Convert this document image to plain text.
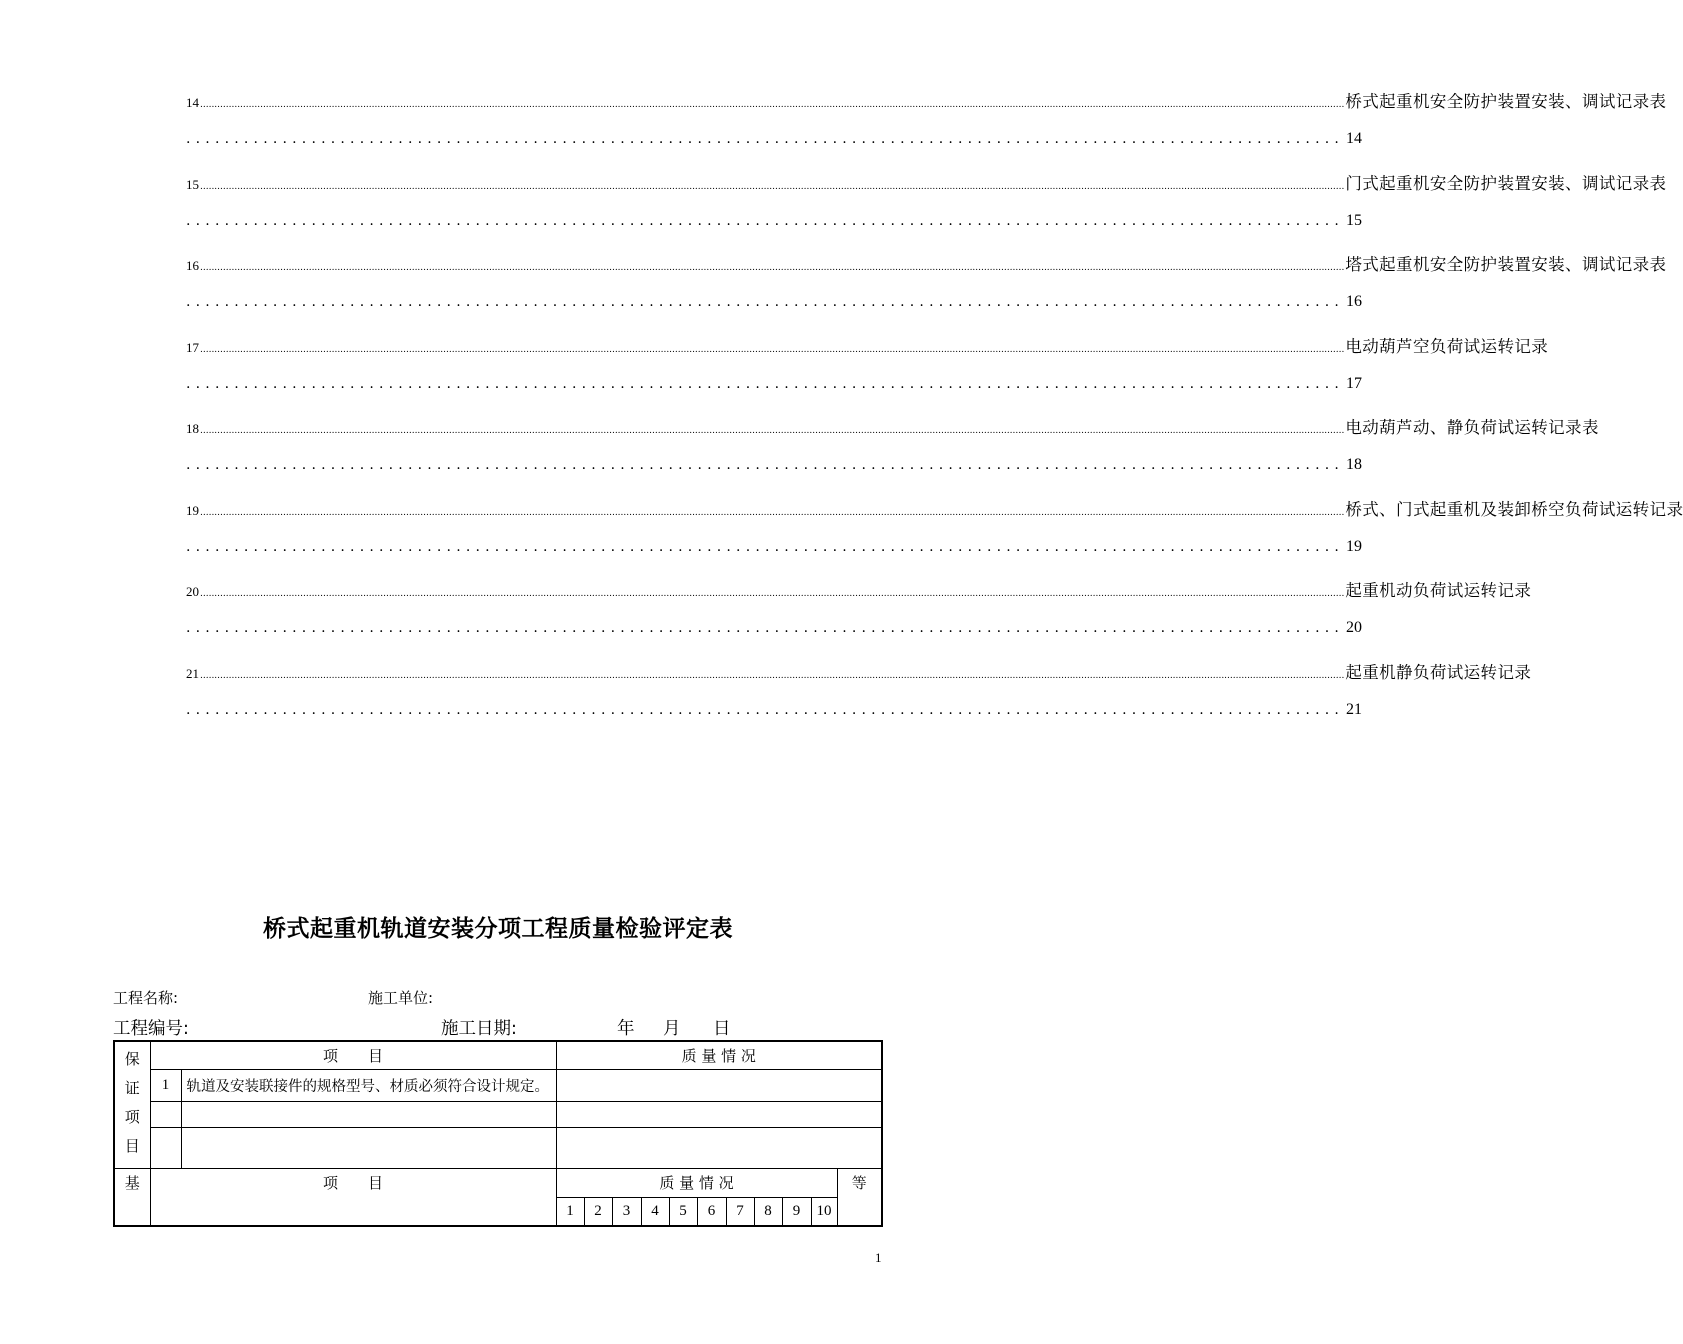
14 ................................................................................................................................................................................................................................................................................................................................................................................................................ 桥式起重机安全防护装置安装、调试记录表
........................................................................................................................ 14
15 ................................................................................................................................................................................................................................................................................................................................................................................................................ 门式起重机安全防护装置安装、调试记录表
........................................................................................................................ 15
16 ................................................................................................................................................................................................................................................................................................................................................................................................................ 塔式起重机安全防护装置安装、调试记录表
........................................................................................................................ 16
17 ................................................................................................................................................................................................................................................................................................................................................................................................................ 电动葫芦空负荷试运转记录
........................................................................................................................ 17
18 ................................................................................................................................................................................................................................................................................................................................................................................................................ 电动葫芦动、静负荷试运转记录表
........................................................................................................................ 18
19 ................................................................................................................................................................................................................................................................................................................................................................................................................ 桥式、门式起重机及装卸桥空负荷试运转记录
........................................................................................................................ 19
20 ................................................................................................................................................................................................................................................................................................................................................................................................................ 起重机动负荷试运转记录
........................................................................................................................ 20
21 ................................................................................................................................................................................................................................................................................................................................................................................................................ 起重机静负荷试运转记录
........................................................................................................................ 21
桥式起重机轨道安装分项工程质量检验评定表
工程名称:	施工单位:
工程编号:	施工日期:	年 月 日
保
证
项
目	项　　目		质 量 情 况										
	1	轨道及安装联接件的规格型号、材质必须符合设计规定。											

基	项　　目		质 量 情 况										等
			1	2	3	4	5	6	7	8	9	10	
1
